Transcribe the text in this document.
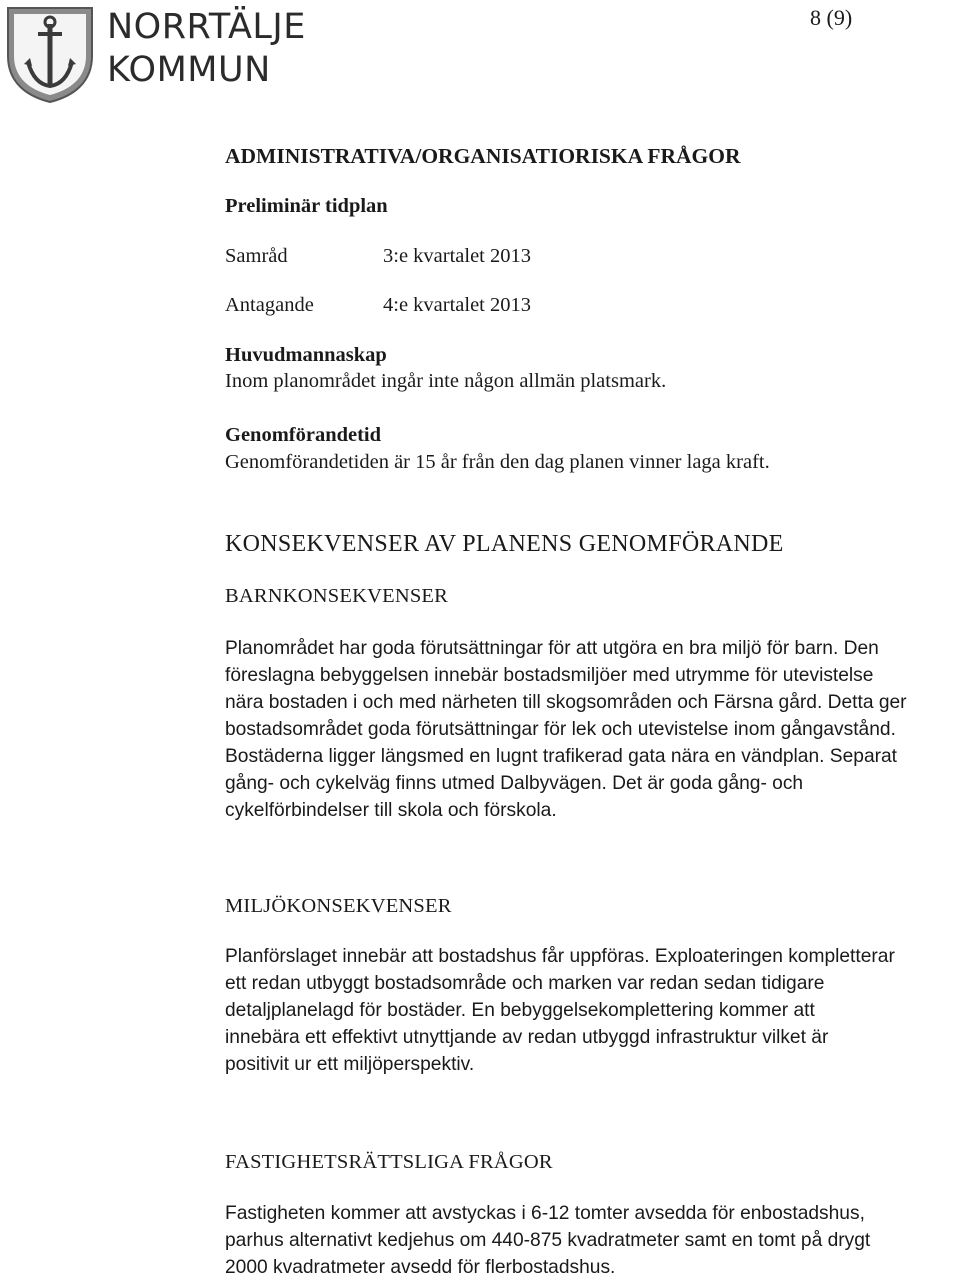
NORRTÄLJE
KOMMUN
8 (9)
ADMINISTRATIVA/ORGANISATIORISKA FRÅGOR
Preliminär tidplan
Samråd	3:e kvartalet 2013
Antagande	4:e kvartalet 2013
Huvudmannaskap
Inom planområdet ingår inte någon allmän platsmark.
Genomförandetid
Genomförandetiden är 15 år från den dag planen vinner laga kraft.
KONSEKVENSER AV PLANENS GENOMFÖRANDE
BARNKONSEKVENSER
Planområdet har goda förutsättningar för att utgöra en bra miljö för barn. Den
föreslagna bebyggelsen innebär bostadsmiljöer med utrymme för utevistelse
nära bostaden i och med närheten till skogsområden och Färsna gård. Detta ger
bostadsområdet goda förutsättningar för lek och utevistelse inom gångavstånd.
Bostäderna ligger längsmed en lugnt trafikerad gata nära en vändplan. Separat
gång- och cykelväg finns utmed Dalbyvägen. Det är goda gång- och
cykelförbindelser till skola och förskola.
MILJÖKONSEKVENSER
Planförslaget innebär att bostadshus får uppföras. Exploateringen kompletterar
ett redan utbyggt bostadsområde och marken var redan sedan tidigare
detaljplanelagd för bostäder. En bebyggelsekomplettering kommer att
innebära ett effektivt utnyttjande av redan utbyggd infrastruktur vilket är
positivit ur ett miljöperspektiv.
FASTIGHETSRÄTTSLIGA FRÅGOR
Fastigheten kommer att avstyckas i 6-12 tomter avsedda för enbostadshus,
parhus alternativt kedjehus om 440-875 kvadratmeter samt en tomt på drygt
2000 kvadratmeter avsedd för flerbostadshus.
